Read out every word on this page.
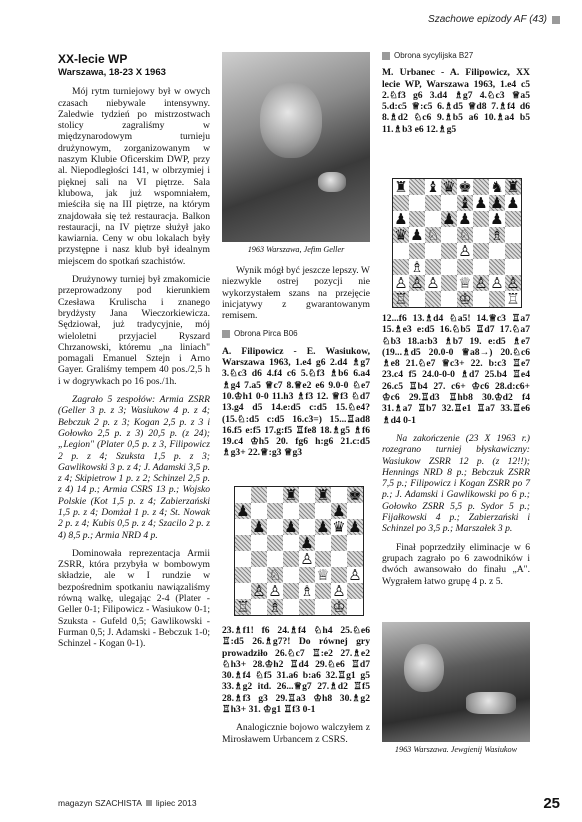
Szachowe epizody AF (43)
XX-lecie WP
Warszawa, 18-23 X 1963

Mój rytm turniejowy był w owych czasach niebywale intensywny. Zaledwie tydzień po mistrzostwach stolicy zagraliśmy w międzynarodowym turnieju drużynowym, zorganizowanym w naszym Klubie Oficerskim DWP, przy al. Niepodległości 141, w olbrzymiej i pięknej sali na VI piętrze. Sala klubowa, jak już wspomniałem, mieściła się na III piętrze, na którym znajdowała się też restauracja. Balkon restauracji, na IV piętrze służył jako kawiarnia. Ceny w obu lokalach były przystępne i nasz klub był idealnym miejscem do spotkań szachistów.

Drużynowy turniej był zmakomicie przeprowadzony pod kierunkiem Czesława Krulischa i znanego brydżysty Jana Wieczorkiewicza. Sędziował, już tradycyjnie, mój wieloletni przyjaciel Ryszard Chrzanowski, któremu „na liniach" pomagali Emanuel Sztejn i Arno Gayer. Graliśmy tempem 40 pos./2,5 h i w dogrywkach po 16 pos./1h.

Zagrało 5 zespołów: Armia ZSRR (Geller 3 p. z 3; Wasiukow 4 p. z 4; Bebczuk 2 p. z 3; Kogan 2,5 p. z 3 i Gołowko 2,5 p. z 3) 20,5 p. (z 24); „Legion" (Plater 0,5 p. z 3, Filipowicz 2 p. z 4; Szuksta 1,5 p. z 3; Gawlikowski 3 p. z 4; J. Adamski 3,5 p. z 4; Skipietrow 1 p. z 2; Schinzel 2,5 p. z 4) 14 p.; Armia CSRS 13 p.; Wojsko Polskie (Kot 1,5 p. z 4; Zabierzański 1,5 p. z 4; Domżał 1 p. z 4; St. Nowak 2 p. z 4; Kubis 0,5 p. z 4; Szacilo 2 p. z 4) 8,5 p.; Armia NRD 4 p.

Dominowała reprezentacja Armii ZSRR, która przybyła w bombowym składzie, ale w I rundzie w bezpośrednim spotkaniu nawiązaliśmy równą walkę, ulegając 2-4 (Plater - Geller 0-1; Filipowicz - Wasiukow 0-1; Szuksta - Gufeld 0,5; Gawlikowski - Furman 0,5; J. Adamski - Bebczuk 1-0; Schinzel - Kogan 0-1).

1963 Warszawa, Jefim Geller

Wynik mógł być jeszcze lepszy. W niezwykle ostrej pozycji nie wykorzystałem szans na przejęcie inicjatywy z gwarantowanym remisem.

Obrona Pirca B06

A. Filipowicz - E. Wasiukow, Warszawa 1963, 1.e4 g6 2.d4 ♗g7 3.♘c3 d6 4.f4 c6 5.♘f3 ♗b6 6.a4 ♗g4 7.a5 ♕c7 8.♕e2 e6 9.0-0 ♘e7 10.♔h1 0-0 11.h3 ♗f3 12. ♕f3 ♘d7 13.g4 d5 14.e:d5 c:d5 15.♘e4? (15.♘:d5 c:d5 16.c3=) 15...♖ad8 16.f5 e:f5 17.g:f5 ♖fe8 18.♗g5 ♗f6 19.c4 ♔h5 20. fg6 h:g6 21.c:d5 ♗g3+ 22.♕:g3 ♕g3

♜ ♜ ♚
♟	♟
♟ ♟ ♟ ♛ ♟
♟
♙
♘ ♕ ♙
♙ ♙ ♗ ♙
♖ ♗	♔

23.♗f1! f6 24.♗f4 ♘h4 25.♘e6 ♖:d5 26.♗g7?! Do równej gry prowadziło 26.♘c7 ♖:e2 27.♗e2 ♘h3+ 28.♔h2 ♖d4 29.♘e6 ♖d7 30.♗f4 ♘f5 31.a6 b:a6 32.♖g1 g5 33.♗g2 itd. 26...♕g7 27.♗d2 ♖f5 28.♗f3 g3 29.♖a3 ♔h8 30.♗g2 ♖h3+ 31. ♔g1 ♖f3 0-1

Analogicznie bojowo walczyłem z Mirosławem Urbancem z CSRS.

Obrona sycylijska B27

M. Urbanec - A. Filipowicz, XX lecie WP, Warszawa 1963, 1.e4 c5 2.♘f3 g6 3.d4 ♗g7 4.♘c3 ♕a5 5.d:c5 ♕:c5 6.♗d5 ♕d8 7.♗f4 d6 8.♗d2 ♘c6 9.♗b5 a6 10.♗a4 b5 11.♗b3 e6 12.♗g5

♜ ♝ ♛ ♚ ♞ ♜
♝ ♟ ♟ ♟
♟ ♟ ♟ ♟
♛ ♟ ♘ ♘ ♗
♙
♗
♙ ♙ ♙ ♕ ♙ ♙ ♙
♖	♔ ♖

12...f6 13.♗d4 ♘a5! 14.♕c3 ♖a7 15.♗e3 e:d5 16.♘b5 ♖d7 17.♘a7 ♘b3 18.a:b3 ♗b7 19. e:d5 ♗e7 (19...♗d5 20.0-0 ♕a8→) 20.♘c6 ♗e8 21.♘e7 ♕c3+ 22. b:c3 ♖e7 23.c4 f5 24.0-0-0 ♗d7 25.b4 ♖e4 26.c5 ♖b4 27. c6+ ♔c6 28.d:c6+ ♔c6 29.♖d3 ♖hb8 30.♔d2 f4 31.♗a7 ♖b7 32.♖e1 ♖a7 33.♖e6 ♗d4 0-1

Na zakończenie (23 X 1963 r.) rozegrano turniej błyskawiczny: Wasiukow ZSRR 12 p. (z 12!!); Hennings NRD 8 p.; Bebczuk ZSRR 7,5 p.; Filipowicz i Kogan ZSRR po 7 p.; J. Adamski i Gawlikowski po 6 p.; Gołowko ZSRR 5,5 p. Sydor 5 p.; Fijałkowski 4 p.; Zabierzański i Schinzel po 3,5 p.; Marszałek 3 p.

Finał poprzedziły eliminacje w 6 grupach zagrało po 6 zawodników i dwóch awansowało do finału „A". Wygrałem łatwo grupę 4 p. z 5.

1963 Warszawa. Jewgienij Wasiukow
magazyn SZACHISTA lipiec 2013	25
